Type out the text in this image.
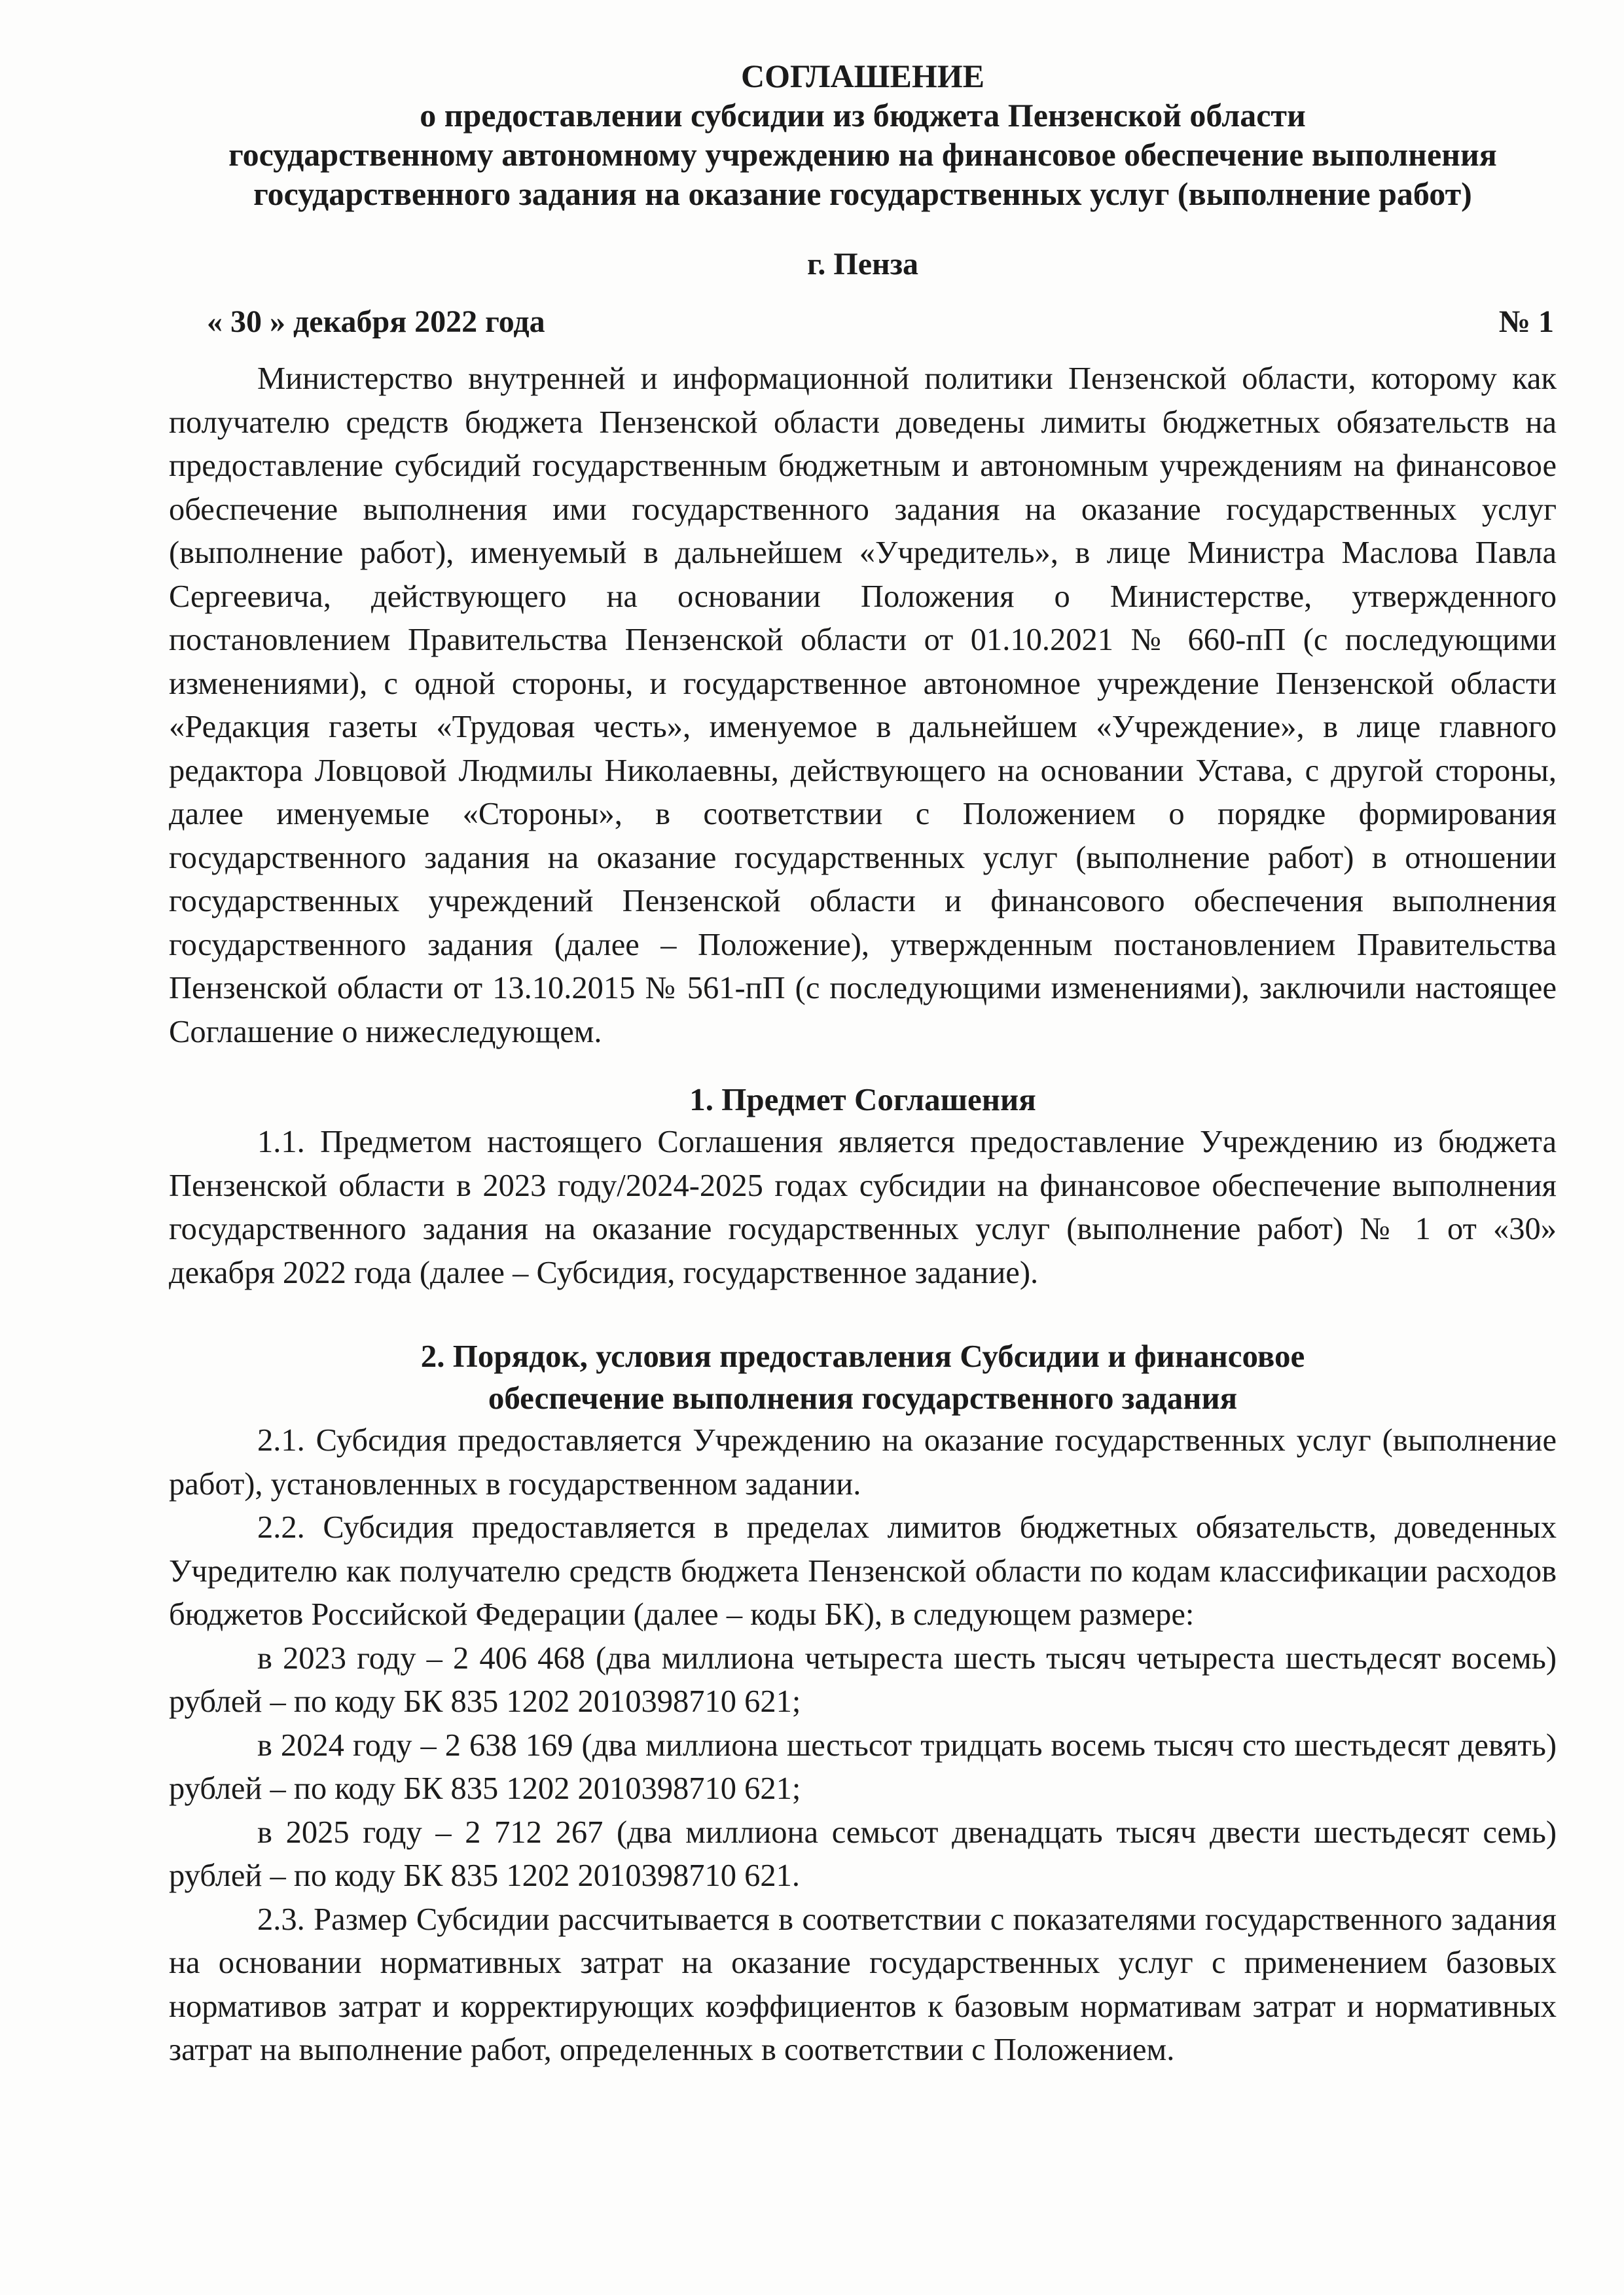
СОГЛАШЕНИЕ
о предоставлении субсидии из бюджета Пензенской области
государственному автономному учреждению на финансовое обеспечение выполнения
государственного задания на оказание государственных услуг (выполнение работ)
г. Пенза
« 30 » декабря 2022 года	№ 1

Министерство внутренней и информационной политики Пензенской области, которому как получателю средств бюджета Пензенской области доведены лимиты бюджетных обязательств на предоставление субсидий государственным бюджетным и автономным учреждениям на финансовое обеспечение выполнения ими государственного задания на оказание государственных услуг (выполнение работ), именуемый в дальнейшем «Учредитель», в лице Министра Маслова Павла Сергеевича, действующего на основании Положения о Министерстве, утвержденного постановлением Правительства Пензенской области от 01.10.2021 № 660-пП (с последующими изменениями), с одной стороны, и государственное автономное учреждение Пензенской области «Редакция газеты «Трудовая честь», именуемое в дальнейшем «Учреждение», в лице главного редактора Ловцовой Людмилы Николаевны, действующего на основании Устава, с другой стороны, далее именуемые «Стороны», в соответствии с Положением о порядке формирования государственного задания на оказание государственных услуг (выполнение работ) в отношении государственных учреждений Пензенской области и финансового обеспечения выполнения государственного задания (далее – Положение), утвержденным постановлением Правительства Пензенской области от 13.10.2015 № 561-пП (с последующими изменениями), заключили настоящее Соглашение о нижеследующем.

1. Предмет Соглашения

1.1. Предметом настоящего Соглашения является предоставление Учреждению из бюджета Пензенской области в 2023 году/2024-2025 годах субсидии на финансовое обеспечение выполнения государственного задания на оказание государственных услуг (выполнение работ) № 1 от «30» декабря 2022 года (далее – Субсидия, государственное задание).

2. Порядок, условия предоставления Субсидии и финансовое
обеспечение выполнения государственного задания

2.1. Субсидия предоставляется Учреждению на оказание государственных услуг (выполнение работ), установленных в государственном задании.

2.2. Субсидия предоставляется в пределах лимитов бюджетных обязательств, доведенных Учредителю как получателю средств бюджета Пензенской области по кодам классификации расходов бюджетов Российской Федерации (далее – коды БК), в следующем размере:

в 2023 году – 2 406 468 (два миллиона четыреста шесть тысяч четыреста шестьдесят восемь) рублей – по коду БК 835 1202 2010398710 621;

в 2024 году – 2 638 169 (два миллиона шестьсот тридцать восемь тысяч сто шестьдесят девять) рублей – по коду БК 835 1202 2010398710 621;

в 2025 году – 2 712 267 (два миллиона семьсот двенадцать тысяч двести шестьдесят семь) рублей – по коду БК 835 1202 2010398710 621.

2.3. Размер Субсидии рассчитывается в соответствии с показателями государственного задания на основании нормативных затрат на оказание государственных услуг с применением базовых нормативов затрат и корректирующих коэффициентов к базовым нормативам затрат и нормативных затрат на выполнение работ, определенных в соответствии с Положением.
